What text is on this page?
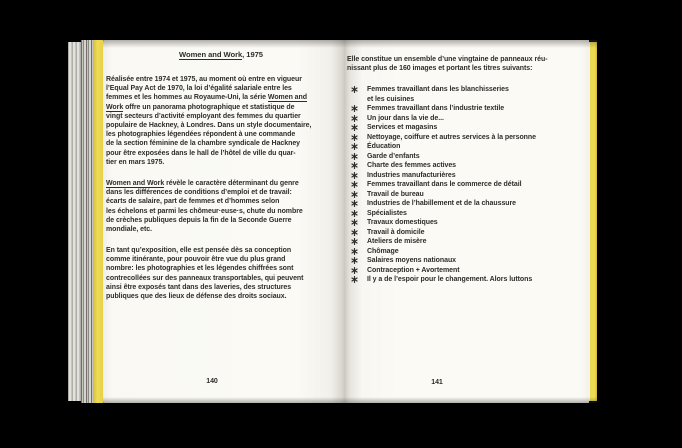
Women and Work, 1975
Réalisée entre 1974 et 1975, au moment où entre en vigueur
l’Equal Pay Act de 1970, la loi d’égalité salariale entre les
femmes et les hommes au Royaume-Uni, la série Women and
Work offre un panorama photographique et statistique de
vingt secteurs d’activité employant des femmes du quartier
populaire de Hackney, à Londres. Dans un style documentaire,
les photographies légendées répondent à une commande
de la section féminine de la chambre syndicale de Hackney
pour être exposées dans le hall de l’hôtel de ville du quar-
tier en mars 1975.
Women and Work révèle le caractère déterminant du genre
dans les différences de conditions d’emploi et de travail:
écarts de salaire, part de femmes et d’hommes selon
les échelons et parmi les chômeur·euse·s, chute du nombre
de crèches publiques depuis la fin de la Seconde Guerre
mondiale, etc.
En tant qu’exposition, elle est pensée dès sa conception
comme itinérante, pour pouvoir être vue du plus grand
nombre: les photographies et les légendes chiffrées sont
contrecollées sur des panneaux transportables, qui peuvent
ainsi être exposés tant dans des laveries, des structures
publiques que des lieux de défense des droits sociaux.
140
Elle constitue un ensemble d’une vingtaine de panneaux réu-
nissant plus de 160 images et portant les titres suivants:
Femmes travaillant dans les blanchisseries
et les cuisines
Femmes travaillant dans l’industrie textile
Un jour dans la vie de...
Services et magasins
Nettoyage, coiffure et autres services à la personne
Éducation
Garde d’enfants
Charte des femmes actives
Industries manufacturières
Femmes travaillant dans le commerce de détail
Travail de bureau
Industries de l’habillement et de la chaussure
Spécialistes
Travaux domestiques
Travail à domicile
Ateliers de misère
Chômage
Salaires moyens nationaux
Contraception + Avortement
Il y a de l’espoir pour le changement. Alors luttons
141
